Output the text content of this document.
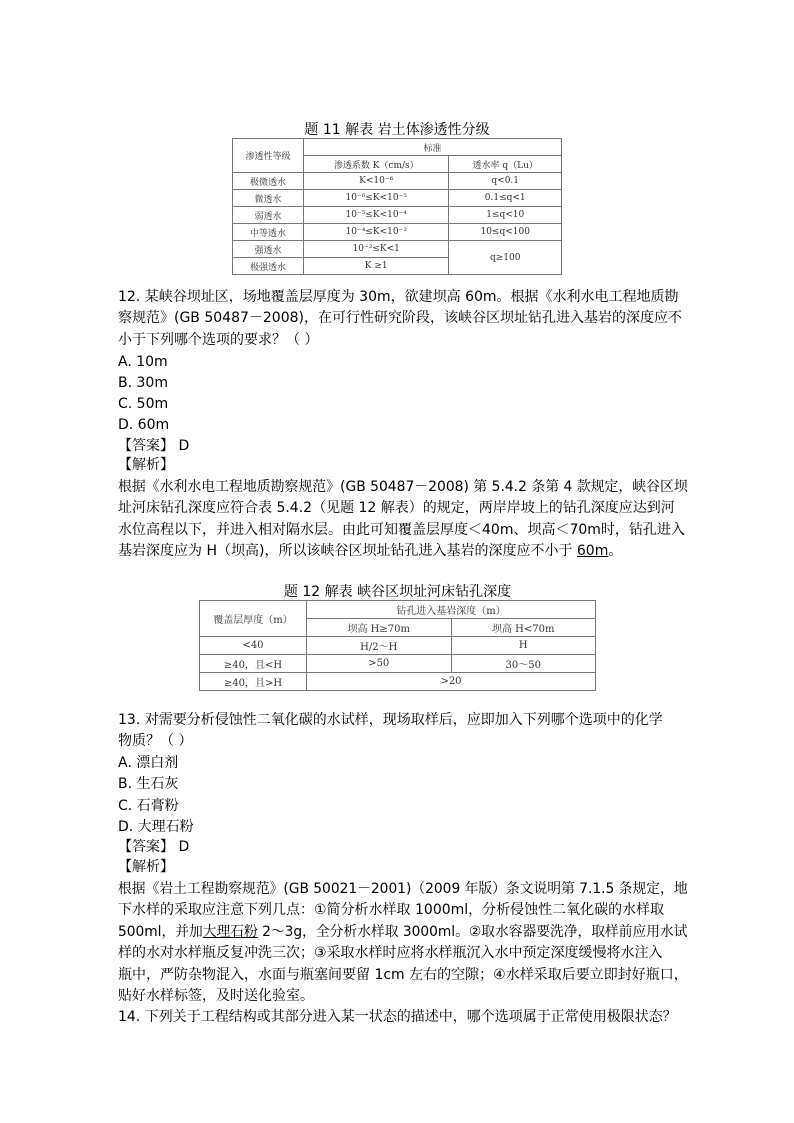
题 11 解表 岩土体渗透性分级
渗透性等级	标准	
	渗透系数 K（cm/s）	透水率 q（Lu）
极微透水	K<10⁻⁶	q<0.1
微透水	10⁻⁶≤K<10⁻⁵	0.1≤q<1
弱透水	10⁻⁵≤K<10⁻⁴	1≤q<10
中等透水	10⁻⁴≤K<10⁻²	10≤q<100
强透水	10⁻²≤K<1	q≥100
极强透水	K ≥1	
12. 某峡谷坝址区，场地覆盖层厚度为 30m，欲建坝高 60m。根据《水利水电工程地质勘
察规范》(GB 50487－2008)，在可行性研究阶段，该峡谷区坝址钻孔进入基岩的深度应不
小于下列哪个选项的要求？（ ）
A. 10m
B. 30m
C. 50m
D. 60m
【答案】 D
【解析】
根据《水利水电工程地质勘察规范》(GB 50487－2008) 第 5.4.2 条第 4 款规定，峡谷区坝
址河床钻孔深度应符合表 5.4.2（见题 12 解表）的规定，两岸岸坡上的钻孔深度应达到河
水位高程以下，并进入相对隔水层。由此可知覆盖层厚度＜40m、坝高＜70m时，钻孔进入
基岩深度应为 H（坝高)，所以该峡谷区坝址钻孔进入基岩的深度应不小于 60m。
题 12 解表 峡谷区坝址河床钻孔深度
覆盖层厚度（m）	钻孔进入基岩深度（m）	
	坝高 H≥70m	坝高 H<70m
<40	H/2～H	H
≥40，且<H	>50	30～50
≥40，且>H	>20	
13. 对需要分析侵蚀性二氧化碳的水试样，现场取样后，应即加入下列哪个选项中的化学
物质？（ ）
A. 漂白剂
B. 生石灰
C. 石膏粉
D. 大理石粉
【答案】 D
【解析】
根据《岩土工程勘察规范》(GB 50021－2001)（2009 年版）条文说明第 7.1.5 条规定，地
下水样的采取应注意下列几点：①简分析水样取 1000ml，分析侵蚀性二氧化碳的水样取
500ml，并加大理石粉 2～3g，全分析水样取 3000ml。②取水容器要洗净，取样前应用水试
样的水对水样瓶反复冲洗三次；③采取水样时应将水样瓶沉入水中预定深度缓慢将水注入
瓶中，严防杂物混入，水面与瓶塞间要留 1cm 左右的空隙；④水样采取后要立即封好瓶口，
贴好水样标签，及时送化验室。
14. 下列关于工程结构或其部分进入某一状态的描述中，哪个选项属于正常使用极限状态？
